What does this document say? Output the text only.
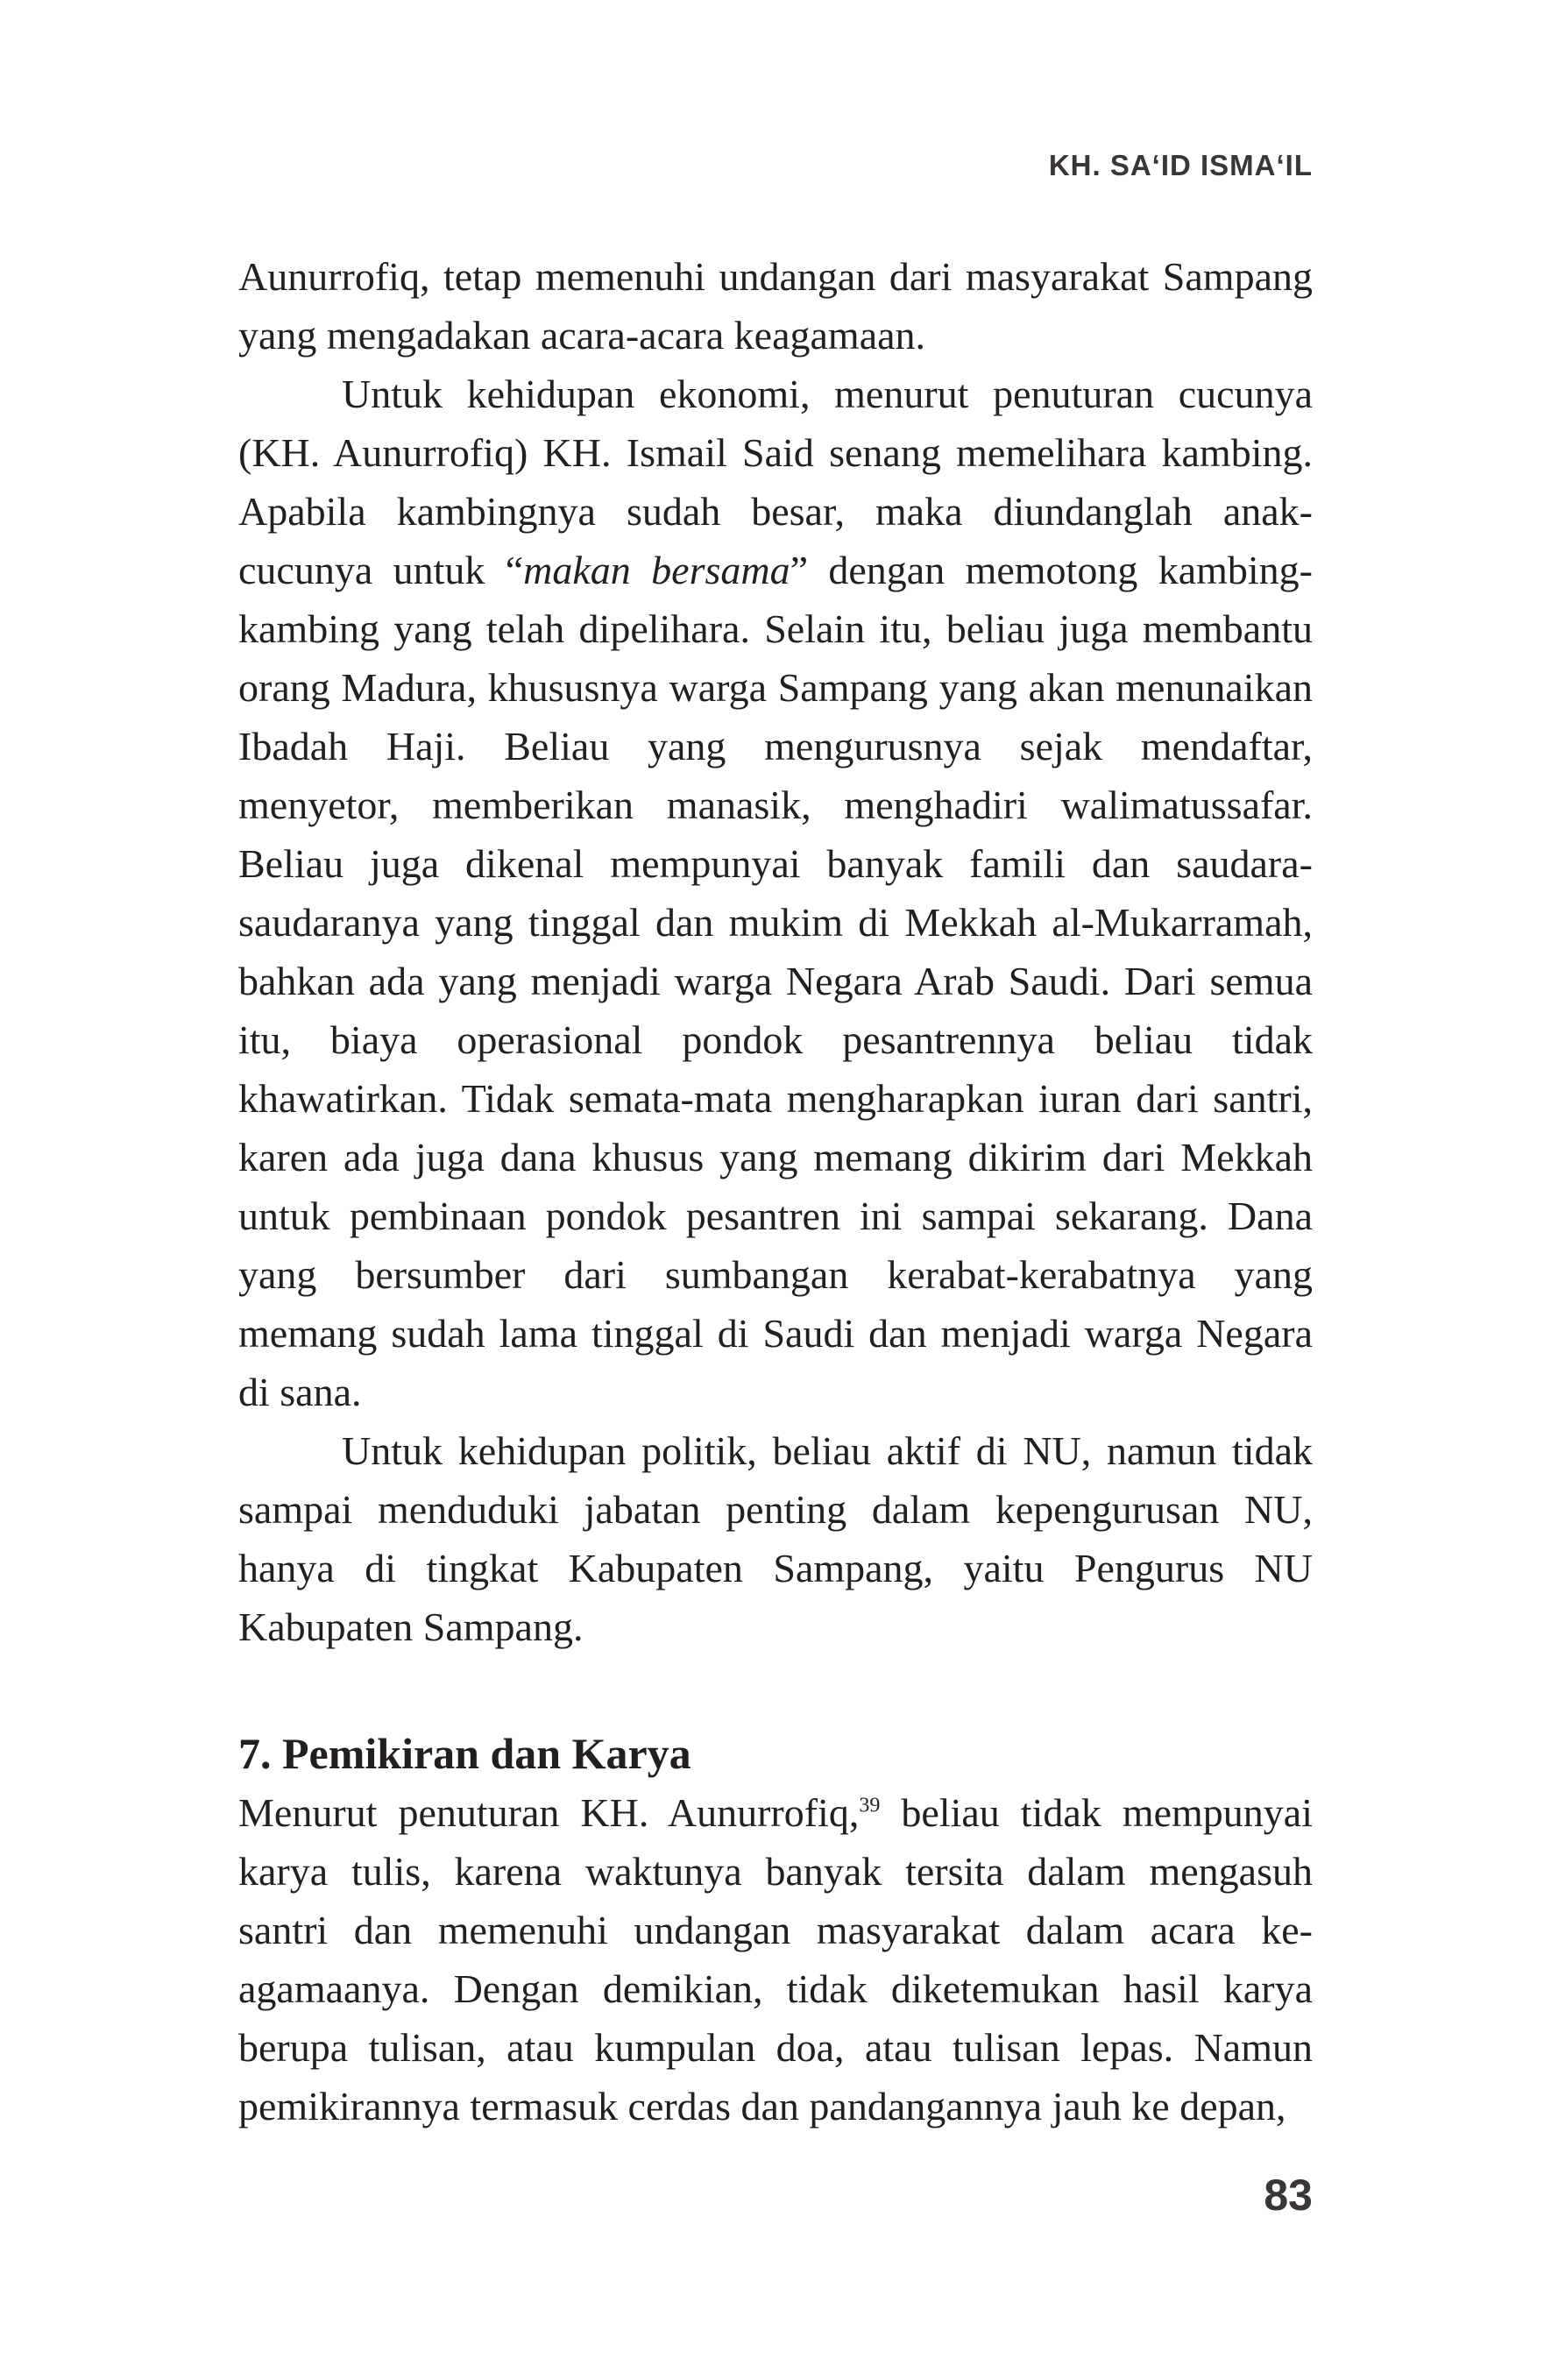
KH. SA‘ID ISMA‘IL

Aunurrofiq, tetap memenuhi undangan dari masyarakat Sampang yang mengadakan acara-acara keagamaan.

Untuk kehidupan ekonomi, menurut penuturan cucunya (KH. Aunurrofiq) KH. Ismail Said senang memelihara kambing. Apabila kambingnya sudah besar, maka diundanglah anak-cucunya untuk “makan bersama” dengan memotong kambing-kambing yang telah dipelihara. Selain itu, beliau juga membantu orang Madura, khususnya warga Sampang yang akan menunaikan Ibadah Haji. Beliau yang mengurusnya sejak mendaftar, menyetor, memberikan manasik, menghadiri walimatussafar. Beliau juga dikenal mempunyai banyak famili dan saudara-saudaranya yang tinggal dan mukim di Mekkah al-Mukarramah, bahkan ada yang menjadi warga Negara Arab Saudi. Dari semua itu, biaya operasional pondok pesantrennya beliau tidak khawatirkan. Tidak semata-mata mengharapkan iuran dari santri, karen ada juga dana khusus yang memang dikirim dari Mekkah untuk pembinaan pondok pesantren ini sampai sekarang. Dana yang bersumber dari sumbangan kerabat-kerabatnya yang memang sudah lama tinggal di Saudi dan menjadi warga Negara di sana.

Untuk kehidupan politik, beliau aktif di NU, namun tidak sampai menduduki jabatan penting dalam kepengurusan NU, hanya di tingkat Kabupaten Sampang, yaitu Pengurus NU Kabupaten Sampang.

7. Pemikiran dan Karya

Menurut penuturan KH. Aunurrofiq,$^{39}$ beliau tidak mempunyai karya tulis, karena waktunya banyak tersita dalam mengasuh santri dan memenuhi undangan masyarakat dalam acara keagamaanya. Dengan demikian, tidak diketemukan hasil karya berupa tulisan, atau kumpulan doa, atau tulisan lepas. Namun pemikirannya termasuk cerdas dan pandangannya jauh ke depan,

83
